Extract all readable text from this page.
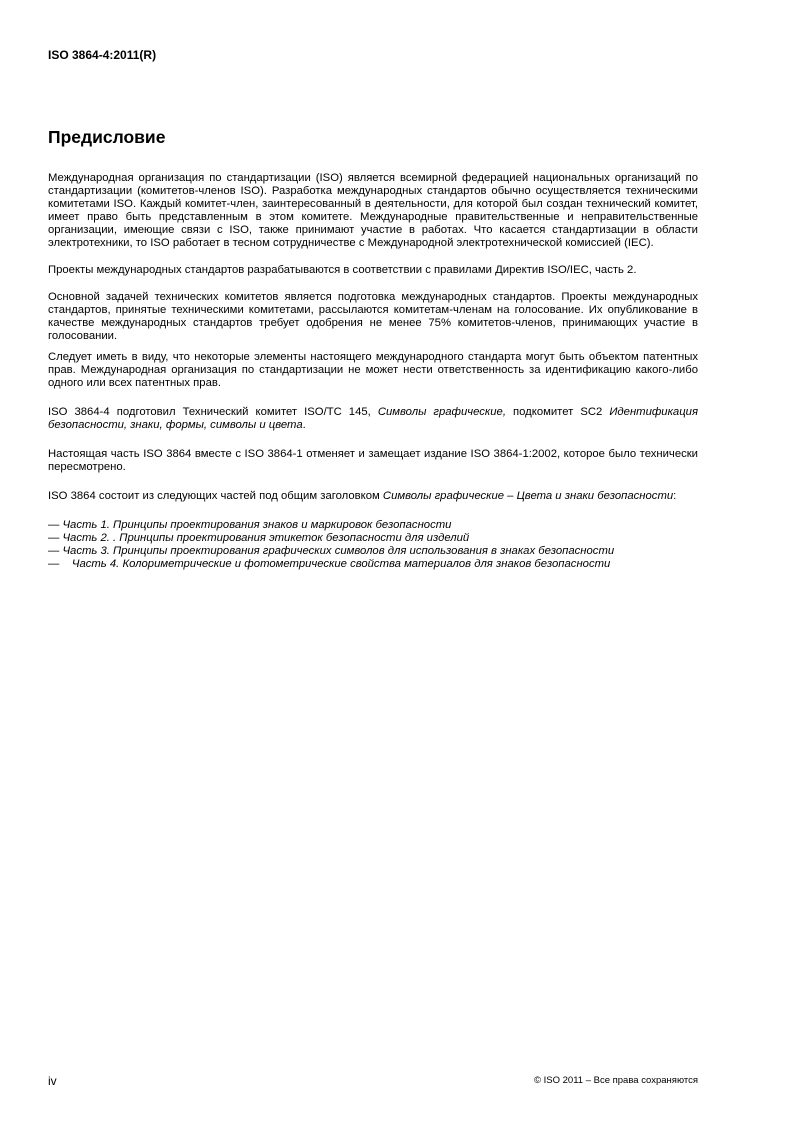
ISO 3864-4:2011(R)
Предисловие

Международная организация по стандартизации (ISO) является всемирной федерацией национальных организаций по стандартизации (комитетов-членов ISO). Разработка международных стандартов обычно осуществляется техническими комитетами ISO. Каждый комитет-член, заинтересованный в деятельности, для которой был создан технический комитет, имеет право быть представленным в этом комитете. Международные правительственные и неправительственные организации, имеющие связи с ISO, также принимают участие в работах. Что касается стандартизации в области электротехники, то ISO работает в тесном сотрудничестве с Международной электротехнической комиссией (IEC).

Проекты международных стандартов разрабатываются в соответствии с правилами Директив ISO/IEC, часть 2.

Основной задачей технических комитетов является подготовка международных стандартов. Проекты международных стандартов, принятые техническими комитетами, рассылаются комитетам-членам на голосование. Их опубликование в качестве международных стандартов требует одобрения не менее 75% комитетов-членов, принимающих участие в голосовании.

Следует иметь в виду, что некоторые элементы настоящего международного стандарта могут быть объектом патентных прав. Международная организация по стандартизации не может нести ответственность за идентификацию какого-либо одного или всех патентных прав.

ISO 3864-4 подготовил Технический комитет ISO/TC 145, Символы графические, подкомитет SC2 Идентификация безопасности, знаки, формы, символы и цвета.

Настоящая часть ISO 3864 вместе с ISO 3864-1 отменяет и замещает издание ISO 3864-1:2002, которое было технически пересмотрено.

ISO 3864 состоит из следующих частей под общим заголовком Символы графические – Цвета и знаки безопасности:

— Часть 1. Принципы проектирования знаков и маркировок безопасности

— Часть 2. . Принципы проектирования этикеток безопасности для изделий

— Часть 3. Принципы проектирования графических символов для использования в знаках безопасности

— Часть 4. Колориметрические и фотометрические свойства материалов для знаков безопасности

iv	© ISO 2011 – Все права сохраняются
